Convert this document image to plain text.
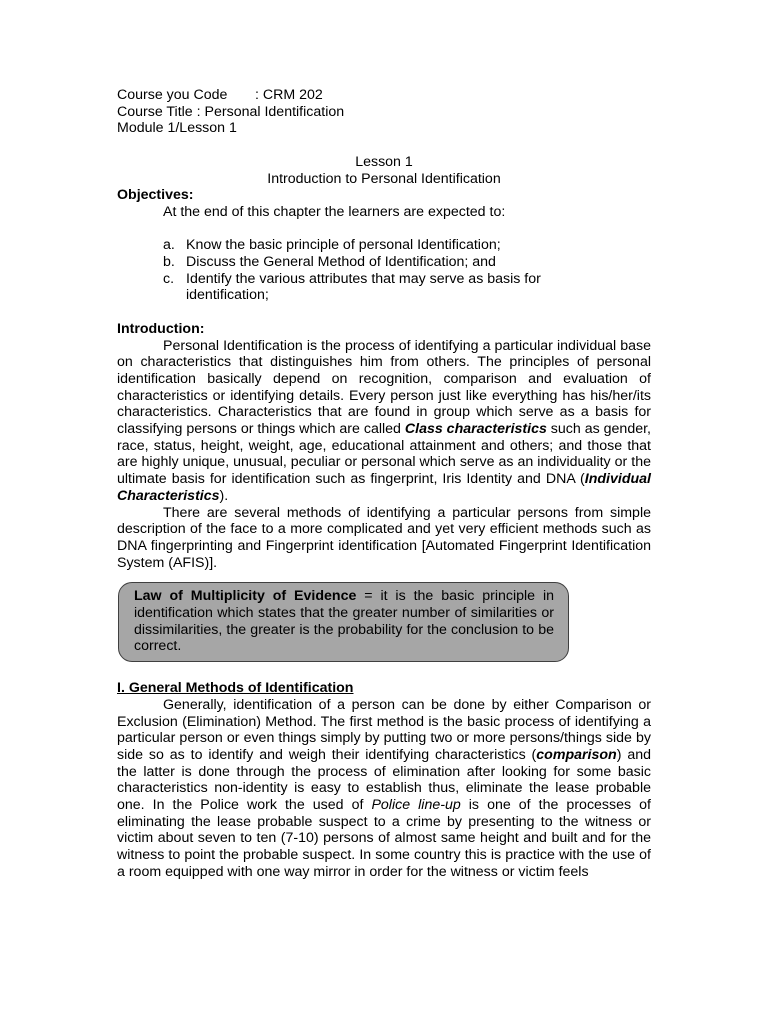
Course you Code : CRM 202
Course Title : Personal Identification
Module 1/Lesson 1
Lesson 1
Introduction to Personal Identification
Objectives:
At the end of this chapter the learners are expected to:
a. Know the basic principle of personal Identification;
b. Discuss the General Method of Identification; and
c. Identify the various attributes that may serve as basis for identification;
Introduction:

Personal Identification is the process of identifying a particular individual base on characteristics that distinguishes him from others. The principles of personal identification basically depend on recognition, comparison and evaluation of characteristics or identifying details. Every person just like everything has his/her/its characteristics. Characteristics that are found in group which serve as a basis for classifying persons or things which are called Class characteristics such as gender, race, status, height, weight, age, educational attainment and others; and those that are highly unique, unusual, peculiar or personal which serve as an individuality or the ultimate basis for identification such as fingerprint, Iris Identity and DNA (Individual Characteristics).

There are several methods of identifying a particular persons from simple description of the face to a more complicated and yet very efficient methods such as DNA fingerprinting and Fingerprint identification [Automated Fingerprint Identification System (AFIS)].

Law of Multiplicity of Evidence = it is the basic principle in identification which states that the greater number of similarities or dissimilarities, the greater is the probability for the conclusion to be correct.
I. General Methods of Identification

Generally, identification of a person can be done by either Comparison or Exclusion (Elimination) Method. The first method is the basic process of identifying a particular person or even things simply by putting two or more persons/things side by side so as to identify and weigh their identifying characteristics (comparison) and the latter is done through the process of elimination after looking for some basic characteristics non-identity is easy to establish thus, eliminate the lease probable one. In the Police work the used of Police line-up is one of the processes of eliminating the lease probable suspect to a crime by presenting to the witness or victim about seven to ten (7-10) persons of almost same height and built and for the witness to point the probable suspect. In some country this is practice with the use of a room equipped with one way mirror in order for the witness or victim feels
